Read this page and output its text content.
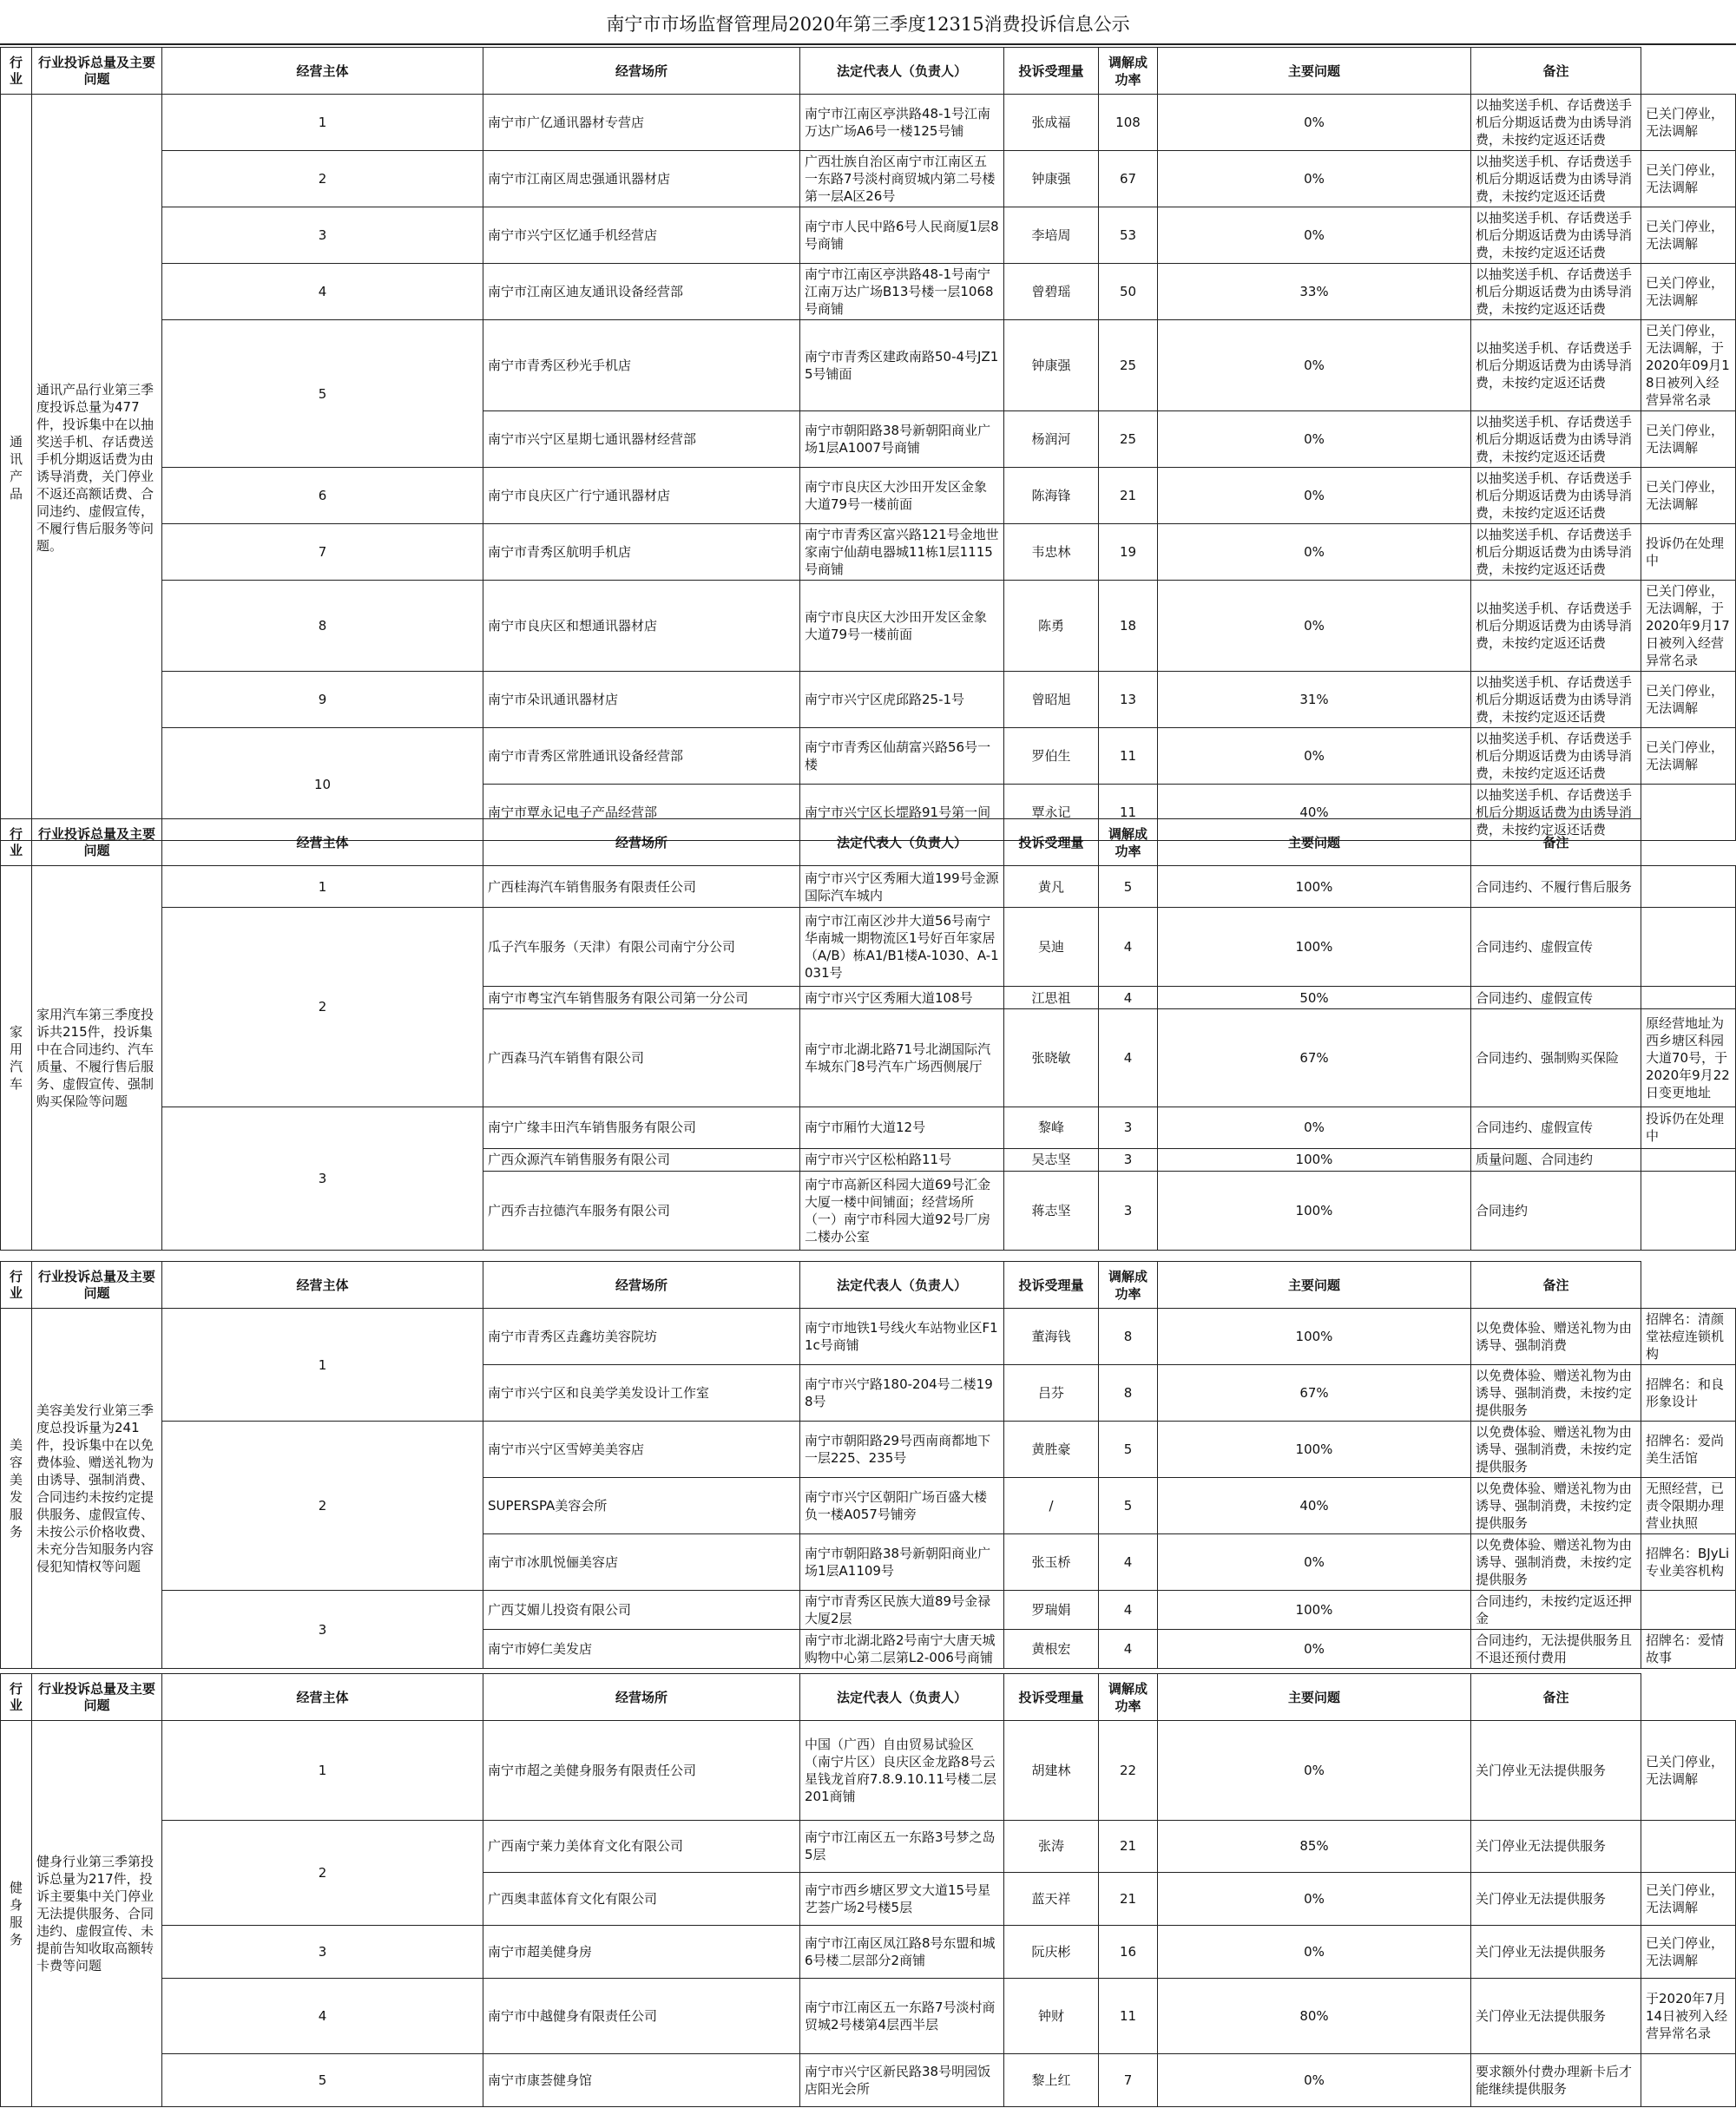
南宁市市场监督管理局2020年第三季度12315消费投诉信息公示
行业	行业投诉总量及主要问题	经营主体	经营场所	法定代表人（负责人）	投诉受理量	调解成功率	主要问题	备注	
通讯产品	通讯产品行业第三季度投诉总量为477件，投诉集中在以抽奖送手机、存话费送手机分期返话费为由诱导消费，关门停业不返还高额话费、合同违约、虚假宣传，不履行售后服务等问题。	1	南宁市广亿通讯器材专营店	南宁市江南区亭洪路48-1号江南万达广场A6号一楼125号铺	张成福	108	0%	以抽奖送手机、存话费送手机后分期返话费为由诱导消费，未按约定返还话费	已关门停业，无法调解
		2	南宁市江南区周忠强通讯器材店	广西壮族自治区南宁市江南区五一东路7号淡村商贸城内第二号楼第一层A区26号	钟康强	67	0%	以抽奖送手机、存话费送手机后分期返话费为由诱导消费，未按约定返还话费	已关门停业，无法调解
		3	南宁市兴宁区忆通手机经营店	南宁市人民中路6号人民商厦1层8号商铺	李培周	53	0%	以抽奖送手机、存话费送手机后分期返话费为由诱导消费，未按约定返还话费	已关门停业，无法调解
		4	南宁市江南区迪友通讯设备经营部	南宁市江南区亭洪路48-1号南宁江南万达广场B13号楼一层1068号商铺	曾碧瑶	50	33%	以抽奖送手机、存话费送手机后分期返话费为由诱导消费，未按约定返还话费	已关门停业，无法调解
		5	南宁市青秀区秒光手机店	南宁市青秀区建政南路50-4号JZ15号铺面	钟康强	25	0%	以抽奖送手机、存话费送手机后分期返话费为由诱导消费，未按约定返还话费	已关门停业，无法调解，于2020年09月18日被列入经营异常名录
			南宁市兴宁区星期七通讯器材经营部	南宁市朝阳路38号新朝阳商业广场1层A1007号商铺	杨润河	25	0%	以抽奖送手机、存话费送手机后分期返话费为由诱导消费，未按约定返还话费	已关门停业，无法调解
		6	南宁市良庆区广行宁通讯器材店	南宁市良庆区大沙田开发区金象大道79号一楼前面	陈海锋	21	0%	以抽奖送手机、存话费送手机后分期返话费为由诱导消费，未按约定返还话费	已关门停业，无法调解
		7	南宁市青秀区航明手机店	南宁市青秀区富兴路121号金地世家南宁仙葫电器城11栋1层1115号商铺	韦忠林	19	0%	以抽奖送手机、存话费送手机后分期返话费为由诱导消费，未按约定返还话费	投诉仍在处理中
		8	南宁市良庆区和想通讯器材店	南宁市良庆区大沙田开发区金象大道79号一楼前面	陈勇	18	0%	以抽奖送手机、存话费送手机后分期返话费为由诱导消费，未按约定返还话费	已关门停业，无法调解，于2020年9月17日被列入经营异常名录
		9	南宁市朵讯通讯器材店	南宁市兴宁区虎邱路25-1号	曾昭旭	13	31%	以抽奖送手机、存话费送手机后分期返话费为由诱导消费，未按约定返还话费	已关门停业，无法调解
		10	南宁市青秀区常胜通讯设备经营部	南宁市青秀区仙葫富兴路56号一楼	罗伯生	11	0%	以抽奖送手机、存话费送手机后分期返话费为由诱导消费，未按约定返还话费	已关门停业，无法调解
			南宁市覃永记电子产品经营部	南宁市兴宁区长堽路91号第一间	覃永记	11	40%	以抽奖送手机、存话费送手机后分期返话费为由诱导消费，未按约定返还话费	
行业	行业投诉总量及主要问题	经营主体	经营场所	法定代表人（负责人）	投诉受理量	调解成功率	主要问题	备注	
家用汽车	家用汽车第三季度投诉共215件，投诉集中在合同违约、汽车质量、不履行售后服务、虚假宣传、强制购买保险等问题	1	广西桂海汽车销售服务有限责任公司	南宁市兴宁区秀厢大道199号金源国际汽车城内	黄凡	5	100%	合同违约、不履行售后服务	
		2	瓜子汽车服务（天津）有限公司南宁分公司	南宁市江南区沙井大道56号南宁华南城一期物流区1号好百年家居（A/B）栋A1/B1楼A-1030、A-1031号	吴迪	4	100%	合同违约、虚假宣传	
			南宁市粤宝汽车销售服务有限公司第一分公司	南宁市兴宁区秀厢大道108号	江思祖	4	50%	合同违约、虚假宣传	
			广西森马汽车销售有限公司	南宁市北湖北路71号北湖国际汽车城东门8号汽车广场西侧展厅	张晓敏	4	67%	合同违约、强制购买保险	原经营地址为西乡塘区科园大道70号，于2020年9月22日变更地址
		3	南宁广缘丰田汽车销售服务有限公司	南宁市厢竹大道12号	黎峰	3	0%	合同违约、虚假宣传	投诉仍在处理中
			广西众源汽车销售服务有限公司	南宁市兴宁区松柏路11号	吴志坚	3	100%	质量问题、合同违约	
			广西乔吉拉德汽车服务有限公司	南宁市高新区科园大道69号汇金大厦一楼中间铺面；经营场所（一）南宁市科园大道92号厂房二楼办公室	蒋志坚	3	100%	合同违约	
行业	行业投诉总量及主要问题	经营主体	经营场所	法定代表人（负责人）	投诉受理量	调解成功率	主要问题	备注	
美容美发服务	美容美发行业第三季度总投诉量为241件，投诉集中在以免费体验、赠送礼物为由诱导、强制消费、合同违约未按约定提供服务、虚假宣传、未按公示价格收费、未充分告知服务内容侵犯知情权等问题	1	南宁市青秀区垚鑫坊美容院坊	南宁市地铁1号线火车站物业区F11c号商铺	董海钱	8	100%	以免费体验、赠送礼物为由诱导、强制消费	招牌名：清颜堂祛痘连锁机构
			南宁市兴宁区和良美学美发设计工作室	南宁市兴宁路180-204号二楼198号	吕芬	8	67%	以免费体验、赠送礼物为由诱导、强制消费，未按约定提供服务	招牌名：和良形象设计
		2	南宁市兴宁区雪婷美美容店	南宁市朝阳路29号西南商都地下一层225、235号	黄胜豪	5	100%	以免费体验、赠送礼物为由诱导、强制消费，未按约定提供服务	招牌名：爱尚美生活馆
			SUPERSPA美容会所	南宁市兴宁区朝阳广场百盛大楼负一楼A057号铺旁	/	5	40%	以免费体验、赠送礼物为由诱导、强制消费，未按约定提供服务	无照经营，已责令限期办理营业执照
			南宁市冰肌悦俪美容店	南宁市朝阳路38号新朝阳商业广场1层A1109号	张玉桥	4	0%	以免费体验、赠送礼物为由诱导、强制消费，未按约定提供服务	招牌名：BJyLi专业美容机构
		3	广西艾媚儿投资有限公司	南宁市青秀区民族大道89号金禄大厦2层	罗瑞娟	4	100%	合同违约，未按约定返还押金	
			南宁市婷仁美发店	南宁市北湖北路2号南宁大唐天城购物中心第二层第L2-006号商铺	黄根宏	4	0%	合同违约，无法提供服务且不退还预付费用	招牌名：爱情故事
行业	行业投诉总量及主要问题	经营主体	经营场所	法定代表人（负责人）	投诉受理量	调解成功率	主要问题	备注	
健身服务	健身行业第三季第投诉总量为217件，投诉主要集中关门停业无法提供服务、合同违约、虚假宣传、未提前告知收取高额转卡费等问题	1	南宁市超之美健身服务有限责任公司	中国（广西）自由贸易试验区（南宁片区）良庆区金龙路8号云星钱龙首府7.8.9.10.11号楼二层201商铺	胡建林	22	0%	关门停业无法提供服务	已关门停业，无法调解
		2	广西南宁莱力美体育文化有限公司	南宁市江南区五一东路3号梦之岛5层	张涛	21	85%	关门停业无法提供服务	
			广西奥聿蓝体育文化有限公司	南宁市西乡塘区罗文大道15号星艺荟广场2号楼5层	蓝天祥	21	0%	关门停业无法提供服务	已关门停业，无法调解
		3	南宁市超美健身房	南宁市江南区凤江路8号东盟和城6号楼二层部分2商铺	阮庆彬	16	0%	关门停业无法提供服务	已关门停业，无法调解
		4	南宁市中越健身有限责任公司	南宁市江南区五一东路7号淡村商贸城2号楼第4层西半层	钟财	11	80%	关门停业无法提供服务	于2020年7月14日被列入经营异常名录
		5	南宁市康荟健身馆	南宁市兴宁区新民路38号明园饭店阳光会所	黎上红	7	0%	要求额外付费办理新卡后才能继续提供服务	
